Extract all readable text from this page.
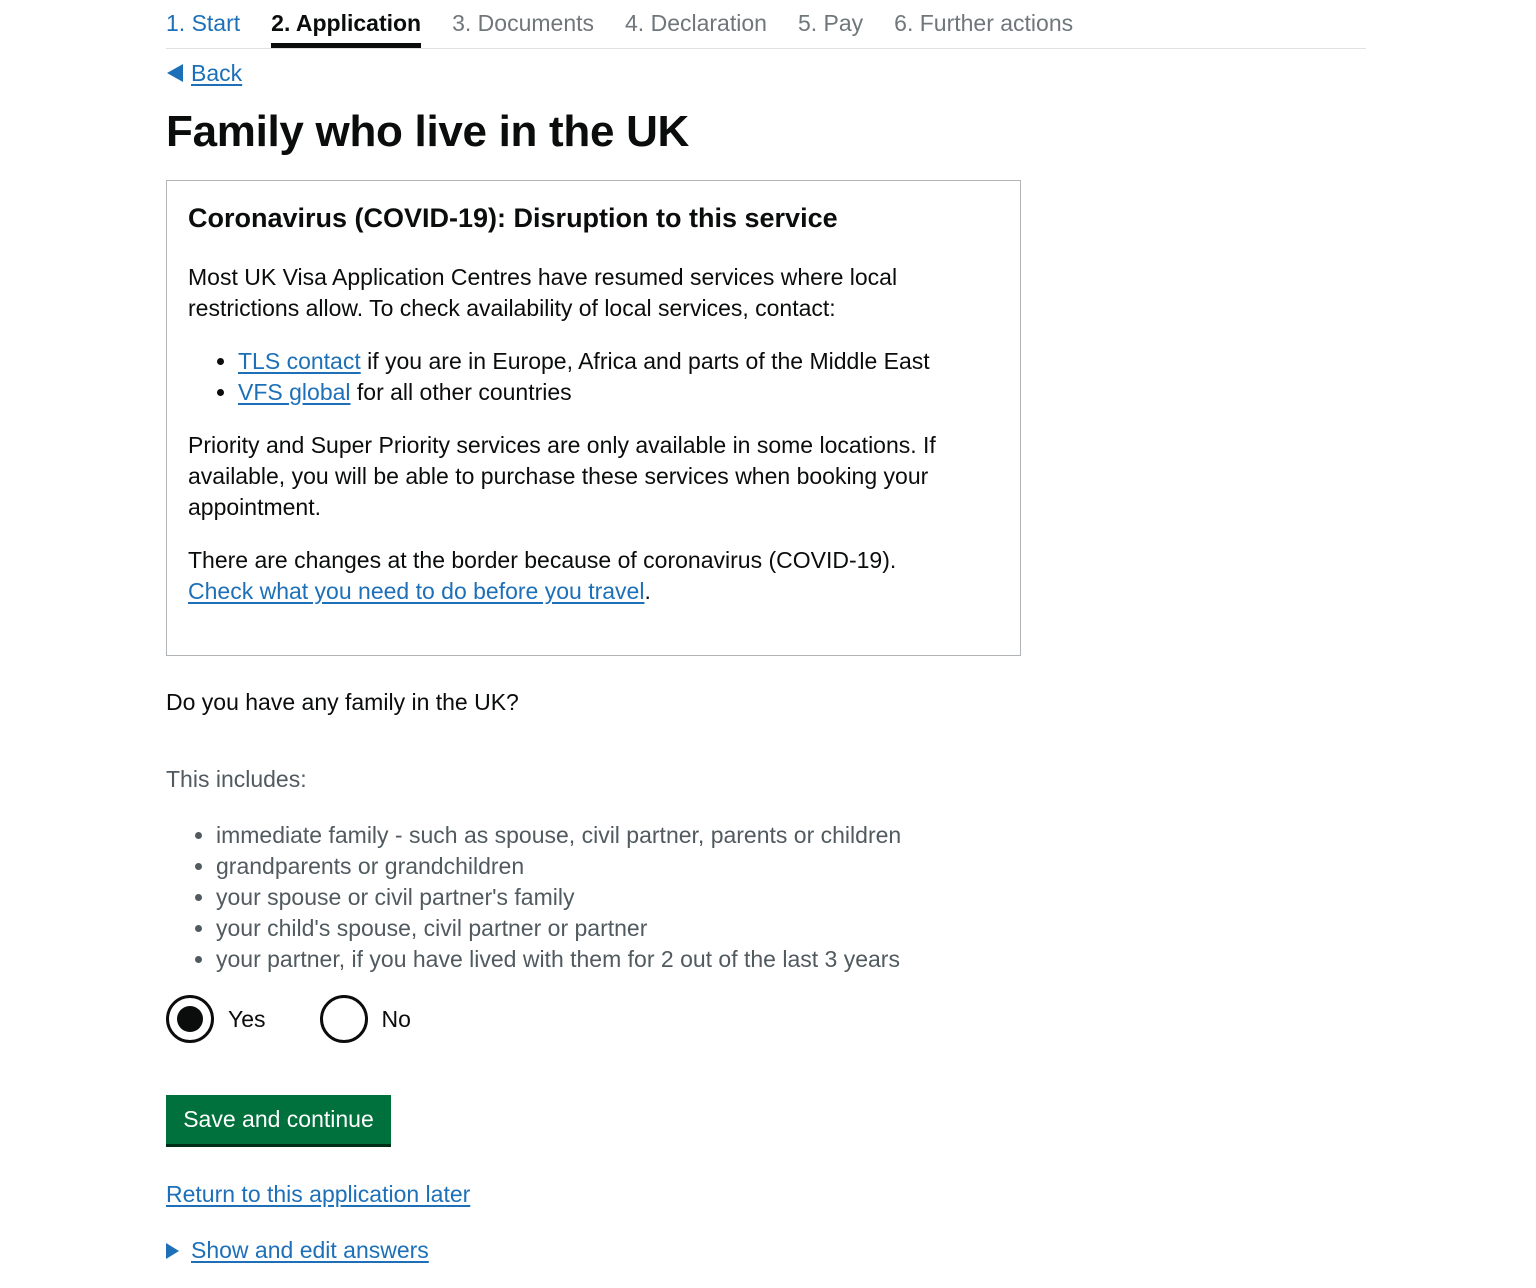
1. Start 2. Application 3. Documents 4. Declaration 5. Pay 6. Further actions
Back
Family who live in the UK
Coronavirus (COVID-19): Disruption to this service

Most UK Visa Application Centres have resumed services where local restrictions allow. To check availability of local services, contact:

• TLS contact if you are in Europe, Africa and parts of the Middle East
• VFS global for all other countries

Priority and Super Priority services are only available in some locations. If available, you will be able to purchase these services when booking your appointment.

There are changes at the border because of coronavirus (COVID-19). Check what you need to do before you travel.

Do you have any family in the UK?

This includes:

• immediate family - such as spouse, civil partner, parents or children
• grandparents or grandchildren
• your spouse or civil partner's family
• your child's spouse, civil partner or partner
• your partner, if you have lived with them for 2 out of the last 3 years
Yes	No
Save and continue
Return to this application later
Show and edit answers
